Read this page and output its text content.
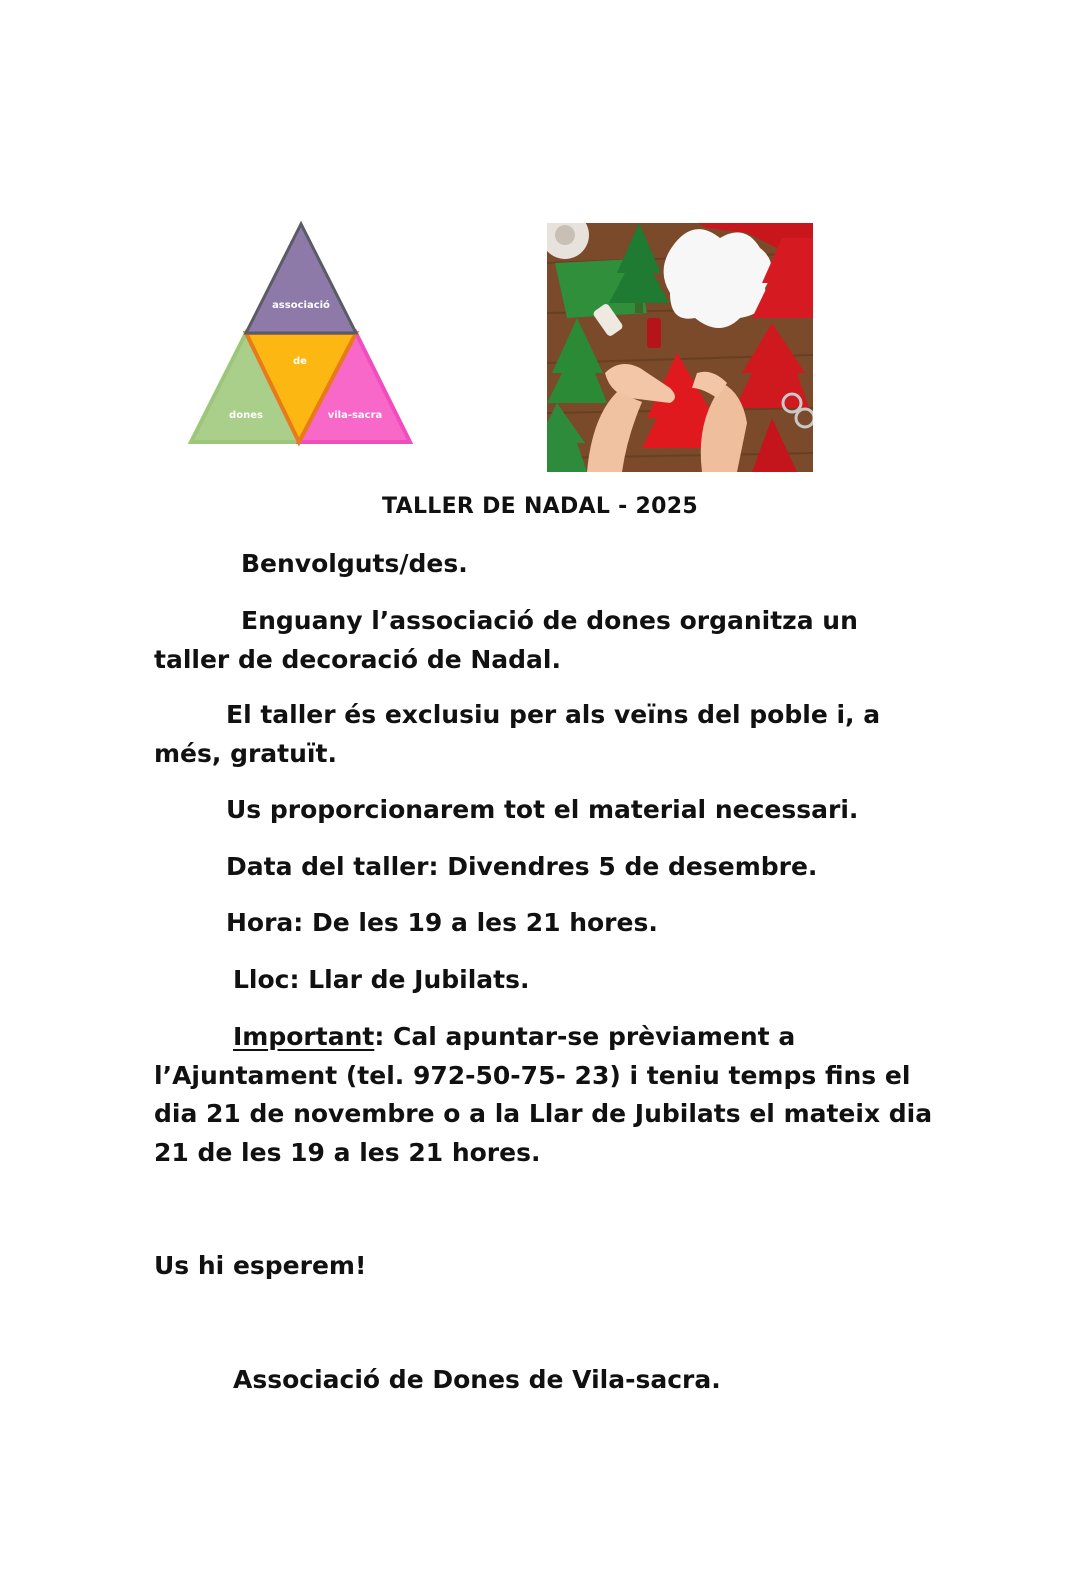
associació
de
dones	vila-sacra
TALLER DE NADAL - 2025

Benvolguts/des.

Enguany l’associació de dones organitza un
taller de decoració de Nadal.

El taller és exclusiu per als veïns del poble i, a
més, gratuït.

Us proporcionarem tot el material necessari.

Data del taller: Divendres 5 de desembre.

Hora: De les 19 a les 21 hores.

Lloc: Llar de Jubilats.

Important: Cal apuntar-se prèviament a
l’Ajuntament (tel. 972-50-75- 23) i teniu temps fins el
dia 21 de novembre o a la Llar de Jubilats el mateix dia
21 de les 19 a les 21 hores.

Us hi esperem!

Associació de Dones de Vila-sacra.
